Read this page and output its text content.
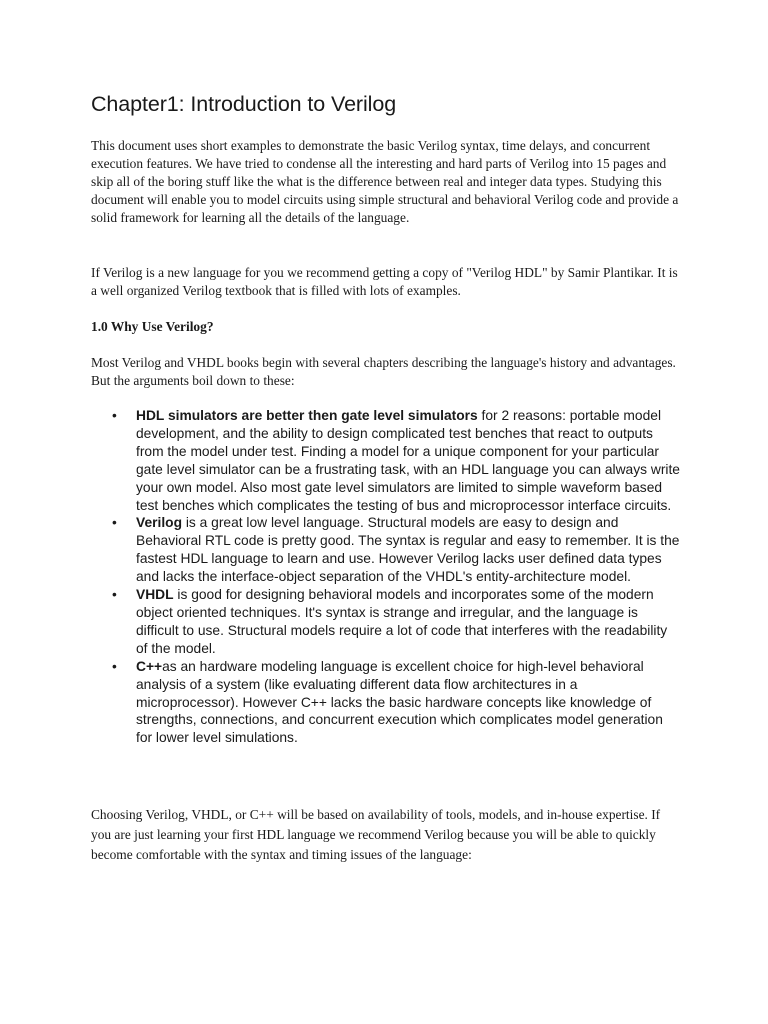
Chapter1: Introduction to Verilog

This document uses short examples to demonstrate the basic Verilog syntax, time delays, and concurrent execution features. We have tried to condense all the interesting and hard parts of Verilog into 15 pages and skip all of the boring stuff like the what is the difference between real and integer data types. Studying this document will enable you to model circuits using simple structural and behavioral Verilog code and provide a solid framework for learning all the details of the language.

If Verilog is a new language for you we recommend getting a copy of "Verilog HDL" by Samir Plantikar. It is a well organized Verilog textbook that is filled with lots of examples.

1.0 Why Use Verilog?

Most Verilog and VHDL books begin with several chapters describing the language's history and advantages. But the arguments boil down to these:

• HDL simulators are better then gate level simulators for 2 reasons: portable model development, and the ability to design complicated test benches that react to outputs from the model under test. Finding a model for a unique component for your particular gate level simulator can be a frustrating task, with an HDL language you can always write your own model. Also most gate level simulators are limited to simple waveform based test benches which complicates the testing of bus and microprocessor interface circuits.
• Verilog is a great low level language. Structural models are easy to design and Behavioral RTL code is pretty good. The syntax is regular and easy to remember. It is the fastest HDL language to learn and use. However Verilog lacks user defined data types and lacks the interface-object separation of the VHDL's entity-architecture model.
• VHDL is good for designing behavioral models and incorporates some of the modern object oriented techniques. It's syntax is strange and irregular, and the language is difficult to use. Structural models require a lot of code that interferes with the readability of the model.
• C++as an hardware modeling language is excellent choice for high-level behavioral analysis of a system (like evaluating different data flow architectures in a microprocessor). However C++ lacks the basic hardware concepts like knowledge of strengths, connections, and concurrent execution which complicates model generation for lower level simulations.

Choosing Verilog, VHDL, or C++ will be based on availability of tools, models, and in-house expertise. If you are just learning your first HDL language we recommend Verilog because you will be able to quickly become comfortable with the syntax and timing issues of the language:
